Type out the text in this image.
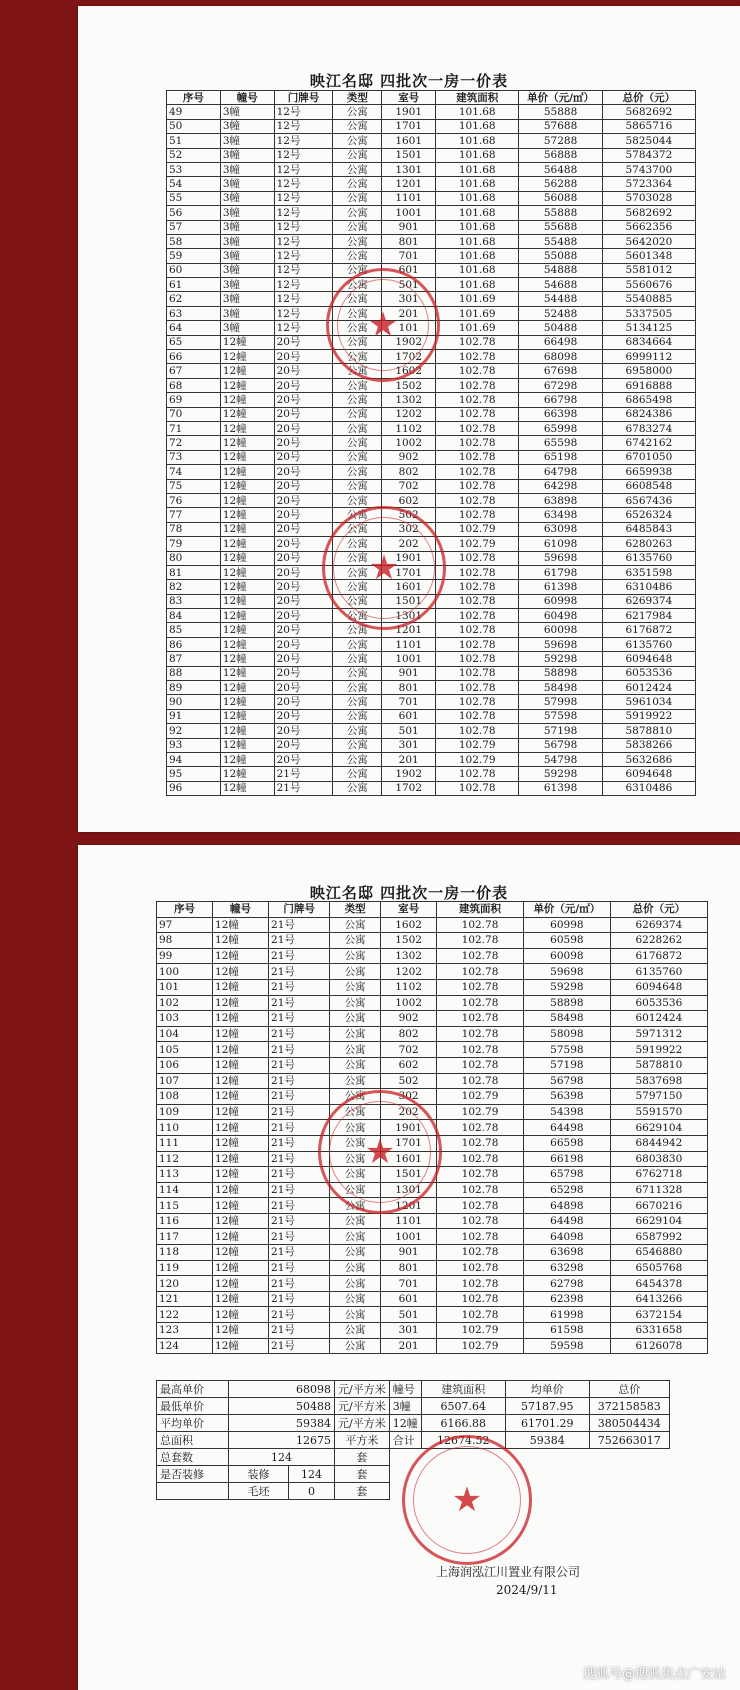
映江名邸 四批次一房一价表
序号	幢号	门牌号	类型	室号	建筑面积	单价（元/㎡）	总价（元）
49	3幢	12号	公寓	1901	101.68	55888	5682692
50	3幢	12号	公寓	1701	101.68	57688	5865716
51	3幢	12号	公寓	1601	101.68	57288	5825044
52	3幢	12号	公寓	1501	101.68	56888	5784372
53	3幢	12号	公寓	1301	101.68	56488	5743700
54	3幢	12号	公寓	1201	101.68	56288	5723364
55	3幢	12号	公寓	1101	101.68	56088	5703028
56	3幢	12号	公寓	1001	101.68	55888	5682692
57	3幢	12号	公寓	901	101.68	55688	5662356
58	3幢	12号	公寓	801	101.68	55488	5642020
59	3幢	12号	公寓	701	101.68	55088	5601348
60	3幢	12号	公寓	601	101.68	54888	5581012
61	3幢	12号	公寓	501	101.68	54688	5560676
62	3幢	12号	公寓	301	101.69	54488	5540885
63	3幢	12号	公寓	201	101.69	52488	5337505
64	3幢	12号	公寓	101	101.69	50488	5134125
65	12幢	20号	公寓	1902	102.78	66498	6834664
66	12幢	20号	公寓	1702	102.78	68098	6999112
67	12幢	20号	公寓	1602	102.78	67698	6958000
68	12幢	20号	公寓	1502	102.78	67298	6916888
69	12幢	20号	公寓	1302	102.78	66798	6865498
70	12幢	20号	公寓	1202	102.78	66398	6824386
71	12幢	20号	公寓	1102	102.78	65998	6783274
72	12幢	20号	公寓	1002	102.78	65598	6742162
73	12幢	20号	公寓	902	102.78	65198	6701050
74	12幢	20号	公寓	802	102.78	64798	6659938
75	12幢	20号	公寓	702	102.78	64298	6608548
76	12幢	20号	公寓	602	102.78	63898	6567436
77	12幢	20号	公寓	502	102.78	63498	6526324
78	12幢	20号	公寓	302	102.79	63098	6485843
79	12幢	20号	公寓	202	102.79	61098	6280263
80	12幢	20号	公寓	1901	102.78	59698	6135760
81	12幢	20号	公寓	1701	102.78	61798	6351598
82	12幢	20号	公寓	1601	102.78	61398	6310486
83	12幢	20号	公寓	1501	102.78	60998	6269374
84	12幢	20号	公寓	1301	102.78	60498	6217984
85	12幢	20号	公寓	1201	102.78	60098	6176872
86	12幢	20号	公寓	1101	102.78	59698	6135760
87	12幢	20号	公寓	1001	102.78	59298	6094648
88	12幢	20号	公寓	901	102.78	58898	6053536
89	12幢	20号	公寓	801	102.78	58498	6012424
90	12幢	20号	公寓	701	102.78	57998	5961034
91	12幢	20号	公寓	601	102.78	57598	5919922
92	12幢	20号	公寓	501	102.78	57198	5878810
93	12幢	20号	公寓	301	102.79	56798	5838266
94	12幢	20号	公寓	201	102.79	54798	5632686
95	12幢	21号	公寓	1902	102.78	59298	6094648
96	12幢	21号	公寓	1702	102.78	61398	6310486
★
★
映江名邸 四批次一房一价表
序号	幢号	门牌号	类型	室号	建筑面积	单价（元/㎡）	总价（元）
97	12幢	21号	公寓	1602	102.78	60998	6269374
98	12幢	21号	公寓	1502	102.78	60598	6228262
99	12幢	21号	公寓	1302	102.78	60098	6176872
100	12幢	21号	公寓	1202	102.78	59698	6135760
101	12幢	21号	公寓	1102	102.78	59298	6094648
102	12幢	21号	公寓	1002	102.78	58898	6053536
103	12幢	21号	公寓	902	102.78	58498	6012424
104	12幢	21号	公寓	802	102.78	58098	5971312
105	12幢	21号	公寓	702	102.78	57598	5919922
106	12幢	21号	公寓	602	102.78	57198	5878810
107	12幢	21号	公寓	502	102.78	56798	5837698
108	12幢	21号	公寓	302	102.79	56398	5797150
109	12幢	21号	公寓	202	102.79	54398	5591570
110	12幢	21号	公寓	1901	102.78	64498	6629104
111	12幢	21号	公寓	1701	102.78	66598	6844942
112	12幢	21号	公寓	1601	102.78	66198	6803830
113	12幢	21号	公寓	1501	102.78	65798	6762718
114	12幢	21号	公寓	1301	102.78	65298	6711328
115	12幢	21号	公寓	1201	102.78	64898	6670216
116	12幢	21号	公寓	1101	102.78	64498	6629104
117	12幢	21号	公寓	1001	102.78	64098	6587992
118	12幢	21号	公寓	901	102.78	63698	6546880
119	12幢	21号	公寓	801	102.78	63298	6505768
120	12幢	21号	公寓	701	102.78	62798	6454378
121	12幢	21号	公寓	601	102.78	62398	6413266
122	12幢	21号	公寓	501	102.78	61998	6372154
123	12幢	21号	公寓	301	102.79	61598	6331658
124	12幢	21号	公寓	201	102.79	59598	6126078
★
最高单价	68098		元/平方米	幢号	建筑面积	均单价	总价
最低单价	50488		元/平方米	3幢	6507.64	57187.95	372158583
平均单价	59384		元/平方米	12幢	6166.88	61701.29	380504434
总面积	12675		平方米	合计	12674.52	59384	752663017
总套数	124		套				
是否装修	装修	124	套				
	毛坯	0	套				★
上海润泓江川置业有限公司
2024/9/11
搜狐号@搜狐焦点广安站
